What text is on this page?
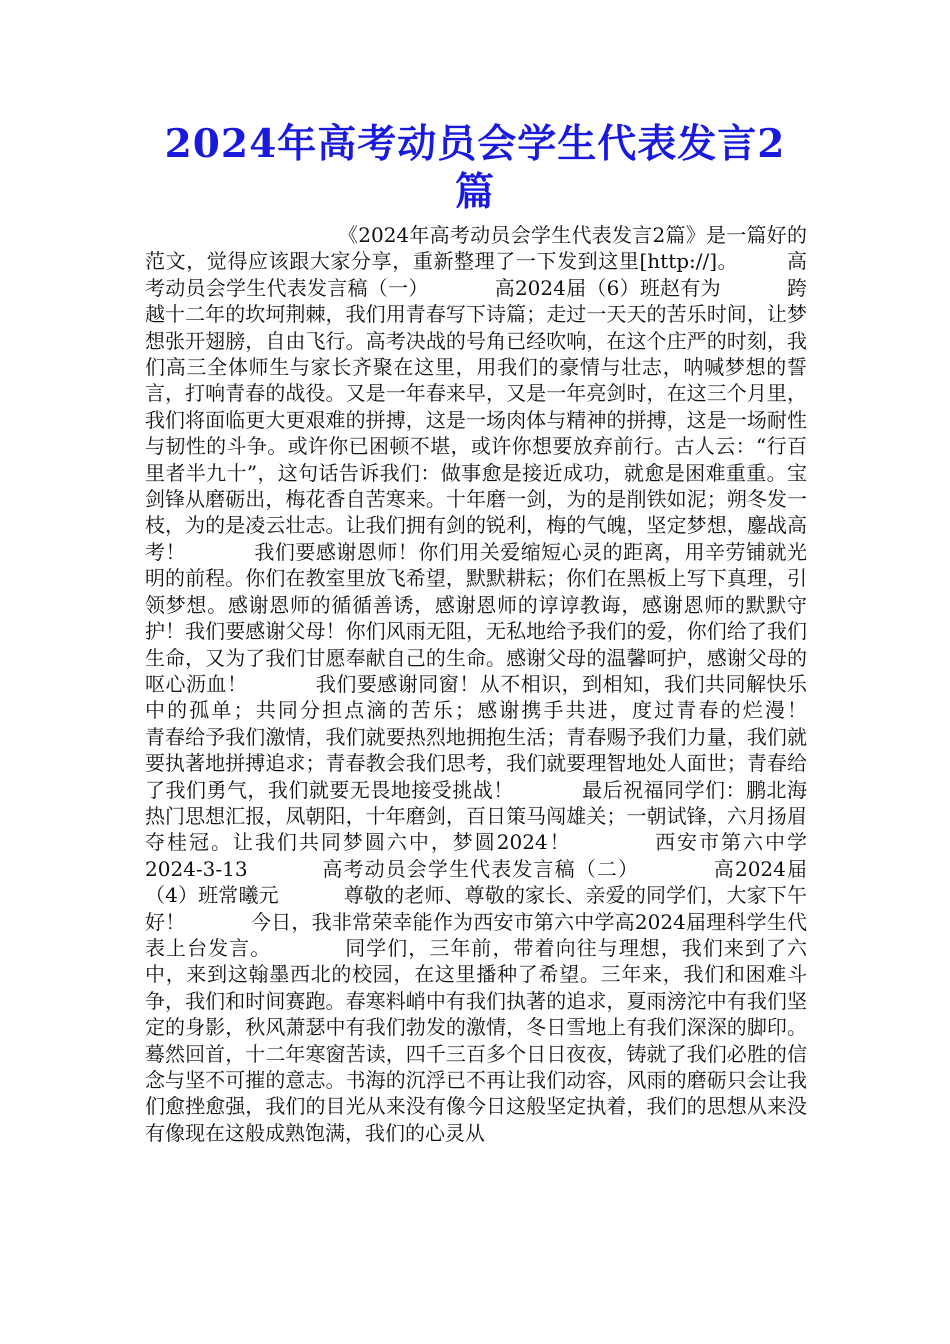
2024年高考动员会学生代表发言2篇

《2024年高考动员会学生代表发言2篇》是一篇好的范文，觉得应该跟大家分享，重新整理了一下发到这里[http://]。       高考动员会学生代表发言稿（一）          高2024届（6）班赵有为          跨越十二年的坎坷荆棘，我们用青春写下诗篇；走过一天天的苦乐时间，让梦想张开翅膀，自由飞行。高考决战的号角已经吹响，在这个庄严的时刻，我们高三全体师生与家长齐聚在这里，用我们的豪情与壮志，呐喊梦想的誓言，打响青春的战役。又是一年春来早，又是一年亮剑时，在这三个月里，我们将面临更大更艰难的拼搏，这是一场肉体与精神的拼搏，这是一场耐性与韧性的斗争。或许你已困顿不堪，或许你想要放弃前行。古人云：“行百里者半九十”，这句话告诉我们：做事愈是接近成功，就愈是困难重重。宝剑锋从磨砺出，梅花香自苦寒来。十年磨一剑，为的是削铁如泥；朔冬发一枝，为的是凌云壮志。让我们拥有剑的锐利，梅的气魄，坚定梦想，鏖战高考！          我们要感谢恩师！你们用关爱缩短心灵的距离，用辛劳铺就光明的前程。你们在教室里放飞希望，默默耕耘；你们在黑板上写下真理，引领梦想。感谢恩师的循循善诱，感谢恩师的谆谆教诲，感谢恩师的默默守护！我们要感谢父母！你们风雨无阻，无私地给予我们的爱，你们给了我们生命，又为了我们甘愿奉献自己的生命。感谢父母的温馨呵护，感谢父母的呕心沥血！          我们要感谢同窗！从不相识，到相知，我们共同解快乐中的孤单；共同分担点滴的苦乐；感谢携手共进，度过青春的烂漫！          青春给予我们激情，我们就要热烈地拥抱生活；青春赐予我们力量，我们就要执著地拼搏追求；青春教会我们思考，我们就要理智地处人面世；青春给了我们勇气，我们就要无畏地接受挑战！          最后祝福同学们：鹏北海热门思想汇报，凤朝阳，十年磨剑，百日策马闯雄关；一朝试锋，六月扬眉夺桂冠。让我们共同梦圆六中，梦圆2024！          西安市第六中学          2024-3-13          高考动员会学生代表发言稿（二）          高2024届（4）班常曦元          尊敬的老师、尊敬的家长、亲爱的同学们，大家下午好！          今日，我非常荣幸能作为西安市第六中学高2024届理科学生代表上台发言。          同学们，三年前，带着向往与理想，我们来到了六中，来到这翰墨西北的校园，在这里播种了希望。三年来，我们和困难斗争，我们和时间赛跑。春寒料峭中有我们执著的追求，夏雨滂沱中有我们坚定的身影，秋风萧瑟中有我们勃发的激情，冬日雪地上有我们深深的脚印。蓦然回首，十二年寒窗苦读，四千三百多个日日夜夜，铸就了我们必胜的信念与坚不可摧的意志。书海的沉浮已不再让我们动容，风雨的磨砺只会让我们愈挫愈强，我们的目光从来没有像今日这般坚定执着，我们的思想从来没有像现在这般成熟饱满，我们的心灵从
